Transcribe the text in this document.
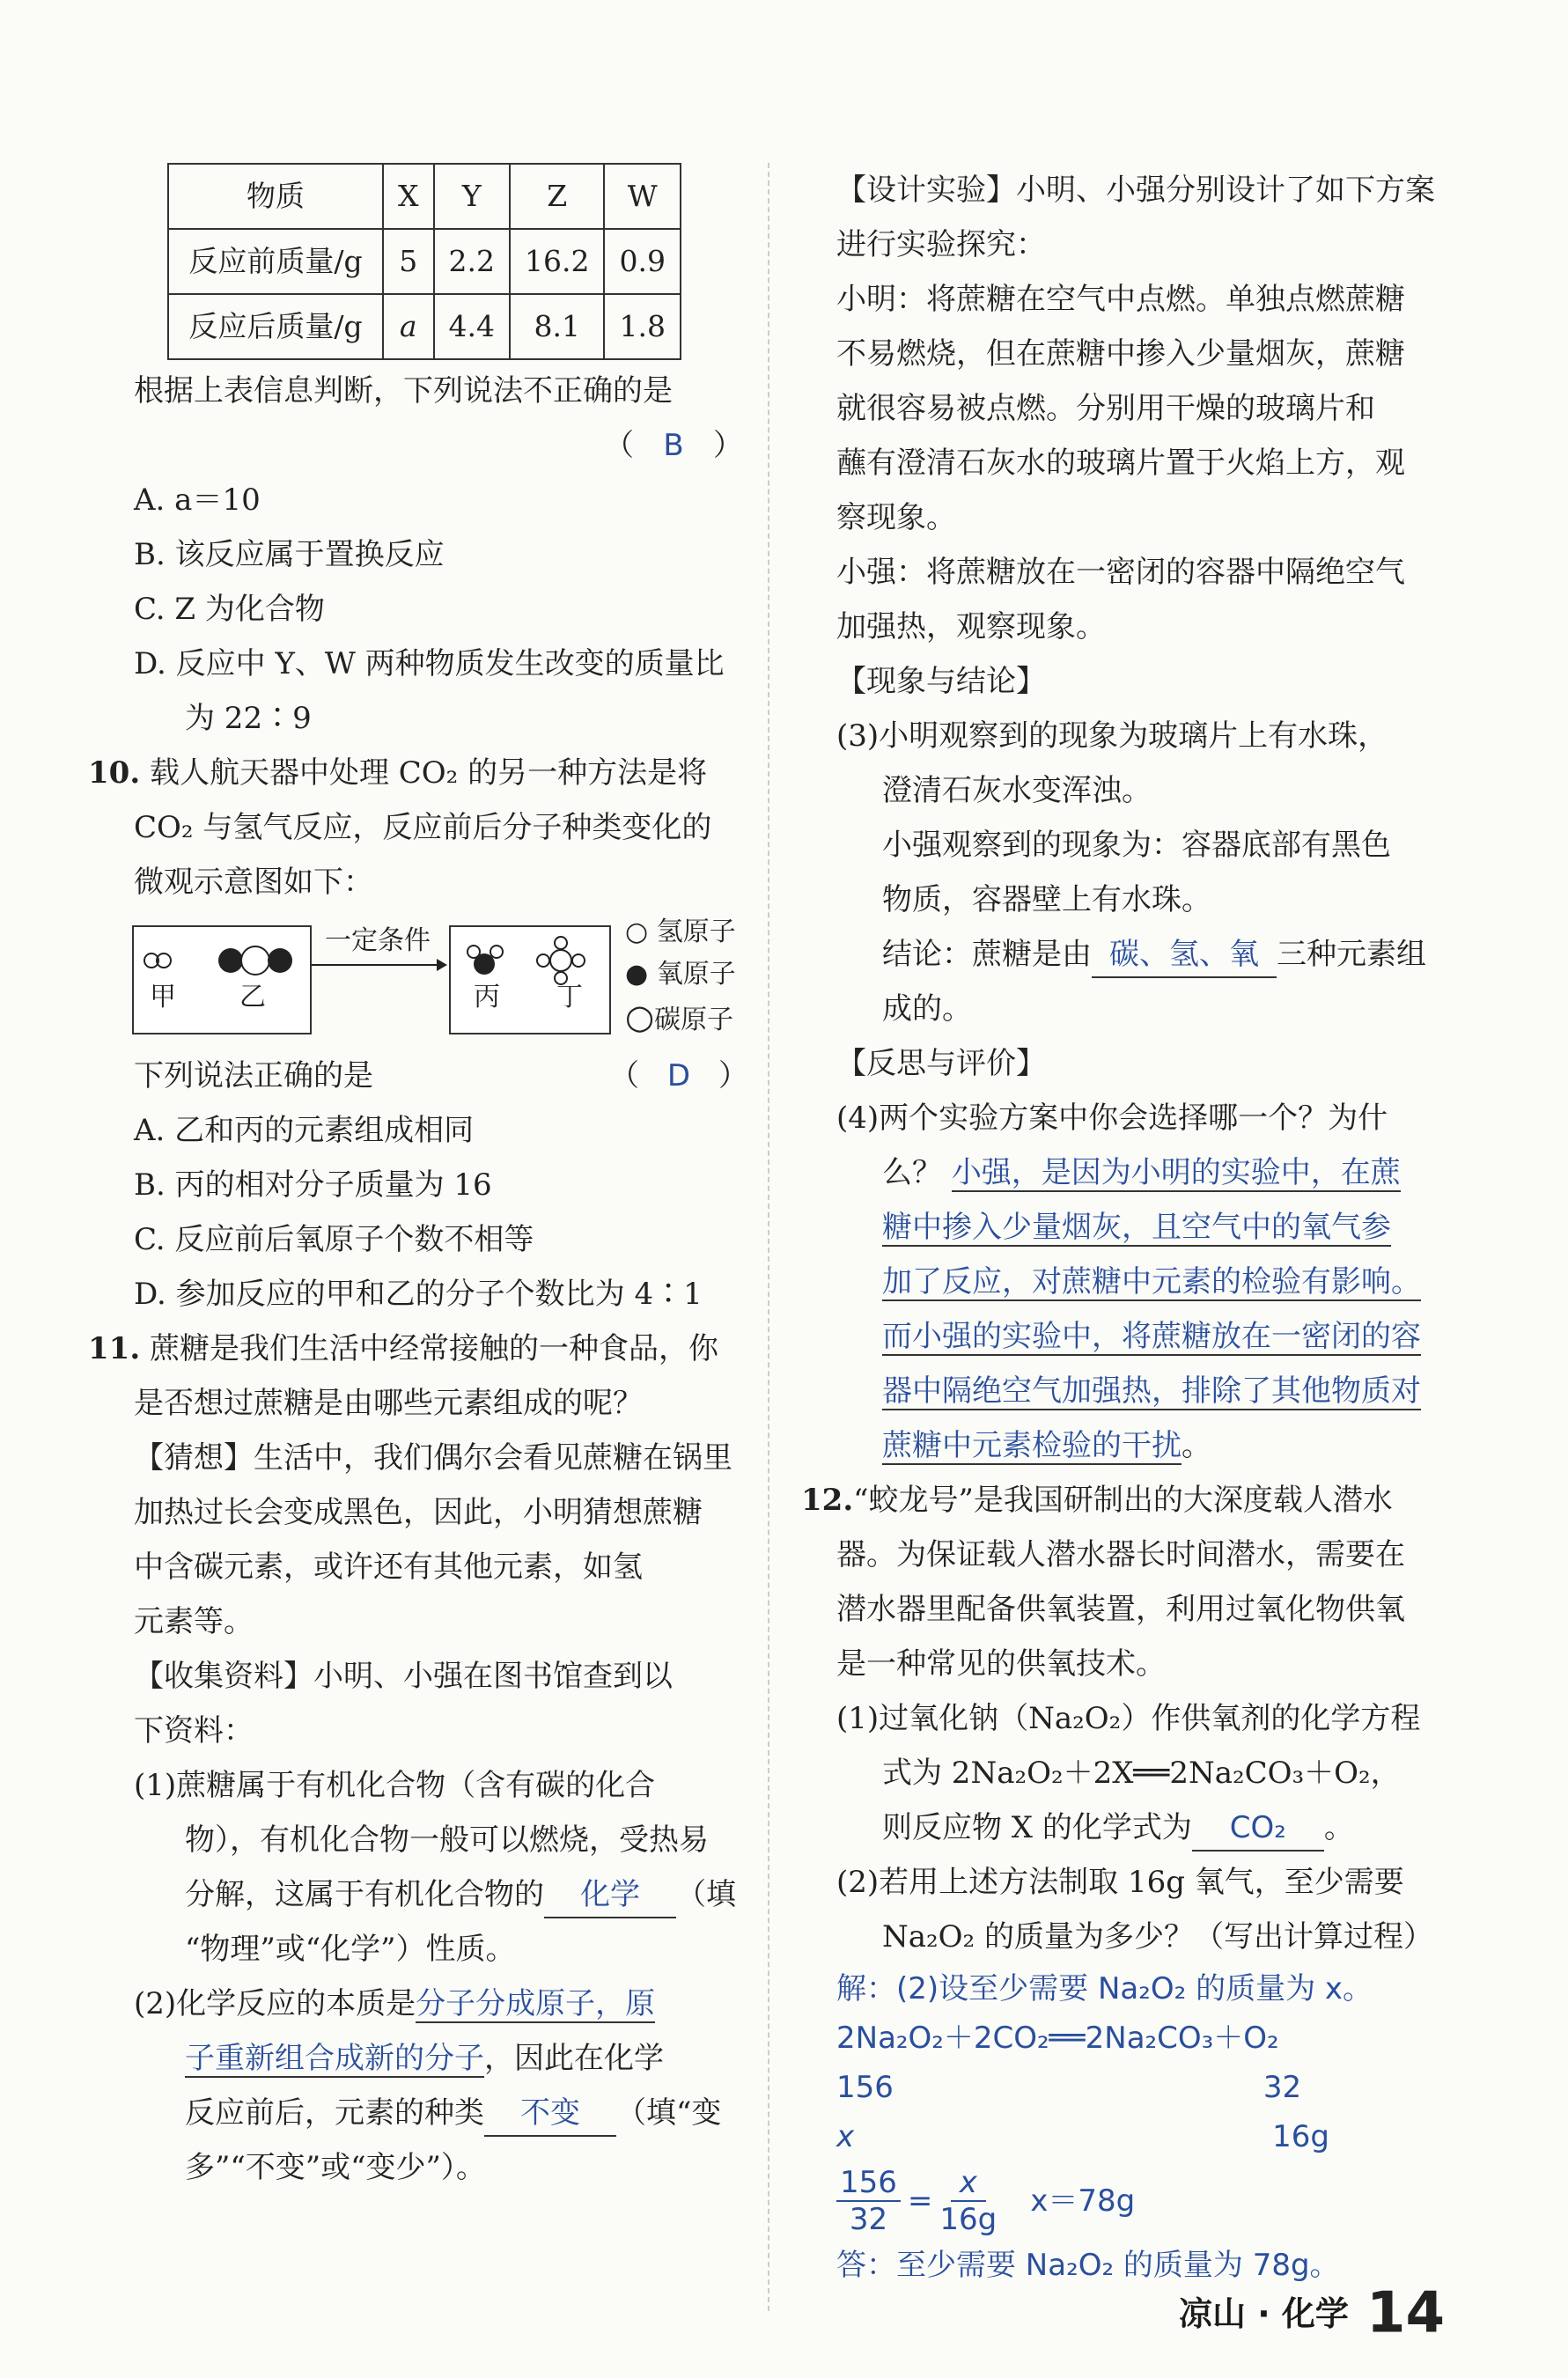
物质	X	Y	Z	W
反应前质量/g	5	2.2	16.2	0.9
反应后质量/g	a	4.4	8.1	1.8

根据上表信息判断，下列说法不正确的是

（ B ）

A. a＝10

B. 该反应属于置换反应

C. Z 为化合物

D. 反应中 Y、W 两种物质发生改变的质量比

为 22∶9

10. 载人航天器中处理 CO₂ 的另一种方法是将

CO₂ 与氢气反应，反应前后分子种类变化的

微观示意图如下：

甲 乙
一定条件
丙 丁
○ 氢原子
● 氧原子
○碳原子

下列说法正确的是	（ D ）

A. 乙和丙的元素组成相同

B. 丙的相对分子质量为 16

C. 反应前后氧原子个数不相等

D. 参加反应的甲和乙的分子个数比为 4∶1

11. 蔗糖是我们生活中经常接触的一种食品，你

是否想过蔗糖是由哪些元素组成的呢？

【猜想】生活中，我们偶尔会看见蔗糖在锅里

加热过长会变成黑色，因此，小明猜想蔗糖

中含碳元素，或许还有其他元素，如氢

元素等。

【收集资料】小明、小强在图书馆查到以

下资料：

(1)蔗糖属于有机化合物（含有碳的化合

物），有机化合物一般可以燃烧，受热易

分解，这属于有机化合物的 化学 （填

“物理”或“化学”）性质。

(2)化学反应的本质是分子分成原子，原

子重新组合成新的分子，因此在化学

反应前后，元素的种类 不变 （填“变

多”“不变”或“变少”）。

【设计实验】小明、小强分别设计了如下方案

进行实验探究：

小明：将蔗糖在空气中点燃。单独点燃蔗糖

不易燃烧，但在蔗糖中掺入少量烟灰，蔗糖

就很容易被点燃。分别用干燥的玻璃片和

蘸有澄清石灰水的玻璃片置于火焰上方，观

察现象。

小强：将蔗糖放在一密闭的容器中隔绝空气

加强热，观察现象。

【现象与结论】

(3)小明观察到的现象为玻璃片上有水珠，

澄清石灰水变浑浊。

小强观察到的现象为：容器底部有黑色

物质，容器壁上有水珠。

结论：蔗糖是由 碳、氢、氧 三种元素组

成的。

【反思与评价】

(4)两个实验方案中你会选择哪一个？为什

么？ 小强，是因为小明的实验中，在蔗

糖中掺入少量烟灰，且空气中的氧气参

加了反应，对蔗糖中元素的检验有影响。

而小强的实验中，将蔗糖放在一密闭的容

器中隔绝空气加强热，排除了其他物质对

蔗糖中元素检验的干扰。

12.“蛟龙号”是我国研制出的大深度载人潜水

器。为保证载人潜水器长时间潜水，需要在

潜水器里配备供氧装置，利用过氧化物供氧

是一种常见的供氧技术。

(1)过氧化钠（Na₂O₂）作供氧剂的化学方程

式为 2Na₂O₂＋2X══2Na₂CO₃＋O₂，

则反应物 X 的化学式为 CO₂ 。

(2)若用上述方法制取 16g 氧气，至少需要

Na₂O₂ 的质量为多少？（写出计算过程）

解：(2)设至少需要 Na₂O₂ 的质量为 x。

2Na₂O₂＋2CO₂══2Na₂CO₃＋O₂

156	32

x	16g

$\frac{156}{32} = \frac{x}{16g} x=78g$

答：至少需要 Na₂O₂ 的质量为 78g。

凉山 · 化学 14
